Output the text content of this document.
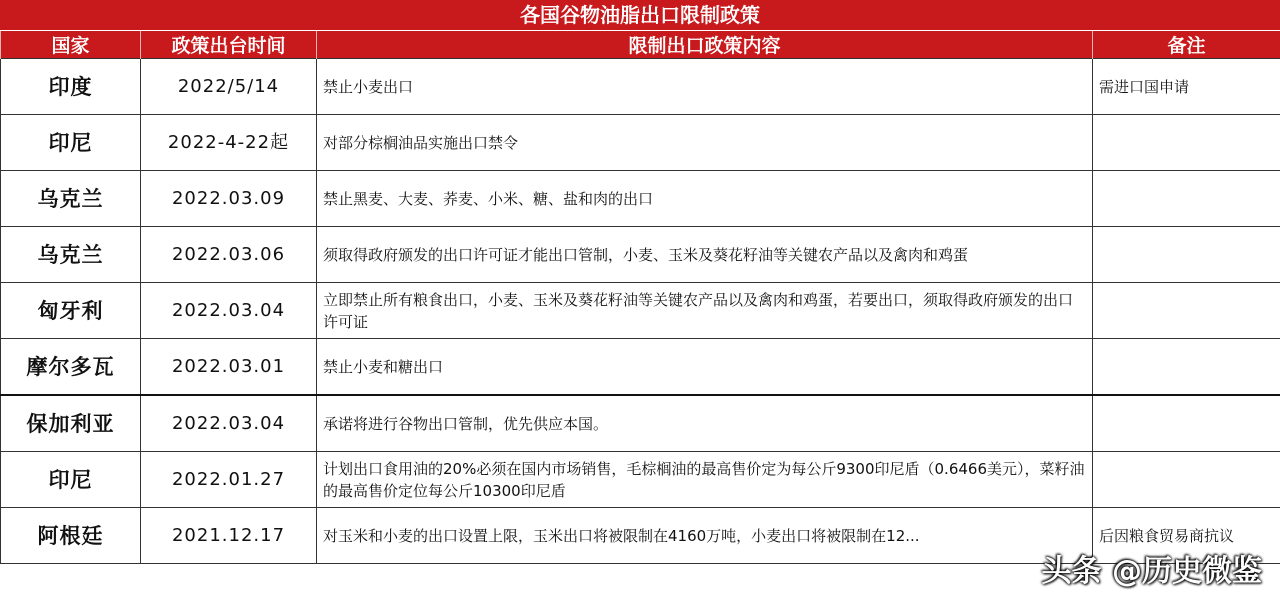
各国谷物油脂出口限制政策
国家	政策出台时间	限制出口政策内容	备注
印度	2022/5/14	禁止小麦出口	需进口国申请
印尼	2022-4-22起	对部分棕榈油品实施出口禁令	
乌克兰	2022.03.09	禁止黑麦、大麦、荞麦、小米、糖、盐和肉的出口	
乌克兰	2022.03.06	须取得政府颁发的出口许可证才能出口管制，小麦、玉米及葵花籽油等关键农产品以及禽肉和鸡蛋	
匈牙利	2022.03.04	立即禁止所有粮食出口，小麦、玉米及葵花籽油等关键农产品以及禽肉和鸡蛋，若要出口，须取得政府颁发的出口许可证	
摩尔多瓦	2022.03.01	禁止小麦和糖出口	
保加利亚	2022.03.04	承诺将进行谷物出口管制，优先供应本国。	
印尼	2022.01.27	计划出口食用油的20%必须在国内市场销售，毛棕榈油的最高售价定为每公斤9300印尼盾（0.6466美元），菜籽油的最高售价定位每公斤10300印尼盾	
阿根廷	2021.12.17	对玉米和小麦的出口设置上限，玉米出口将被限制在4160万吨，小麦出口将被限制在12...	后因粮食贸易商抗议
头条 @历史微鉴
